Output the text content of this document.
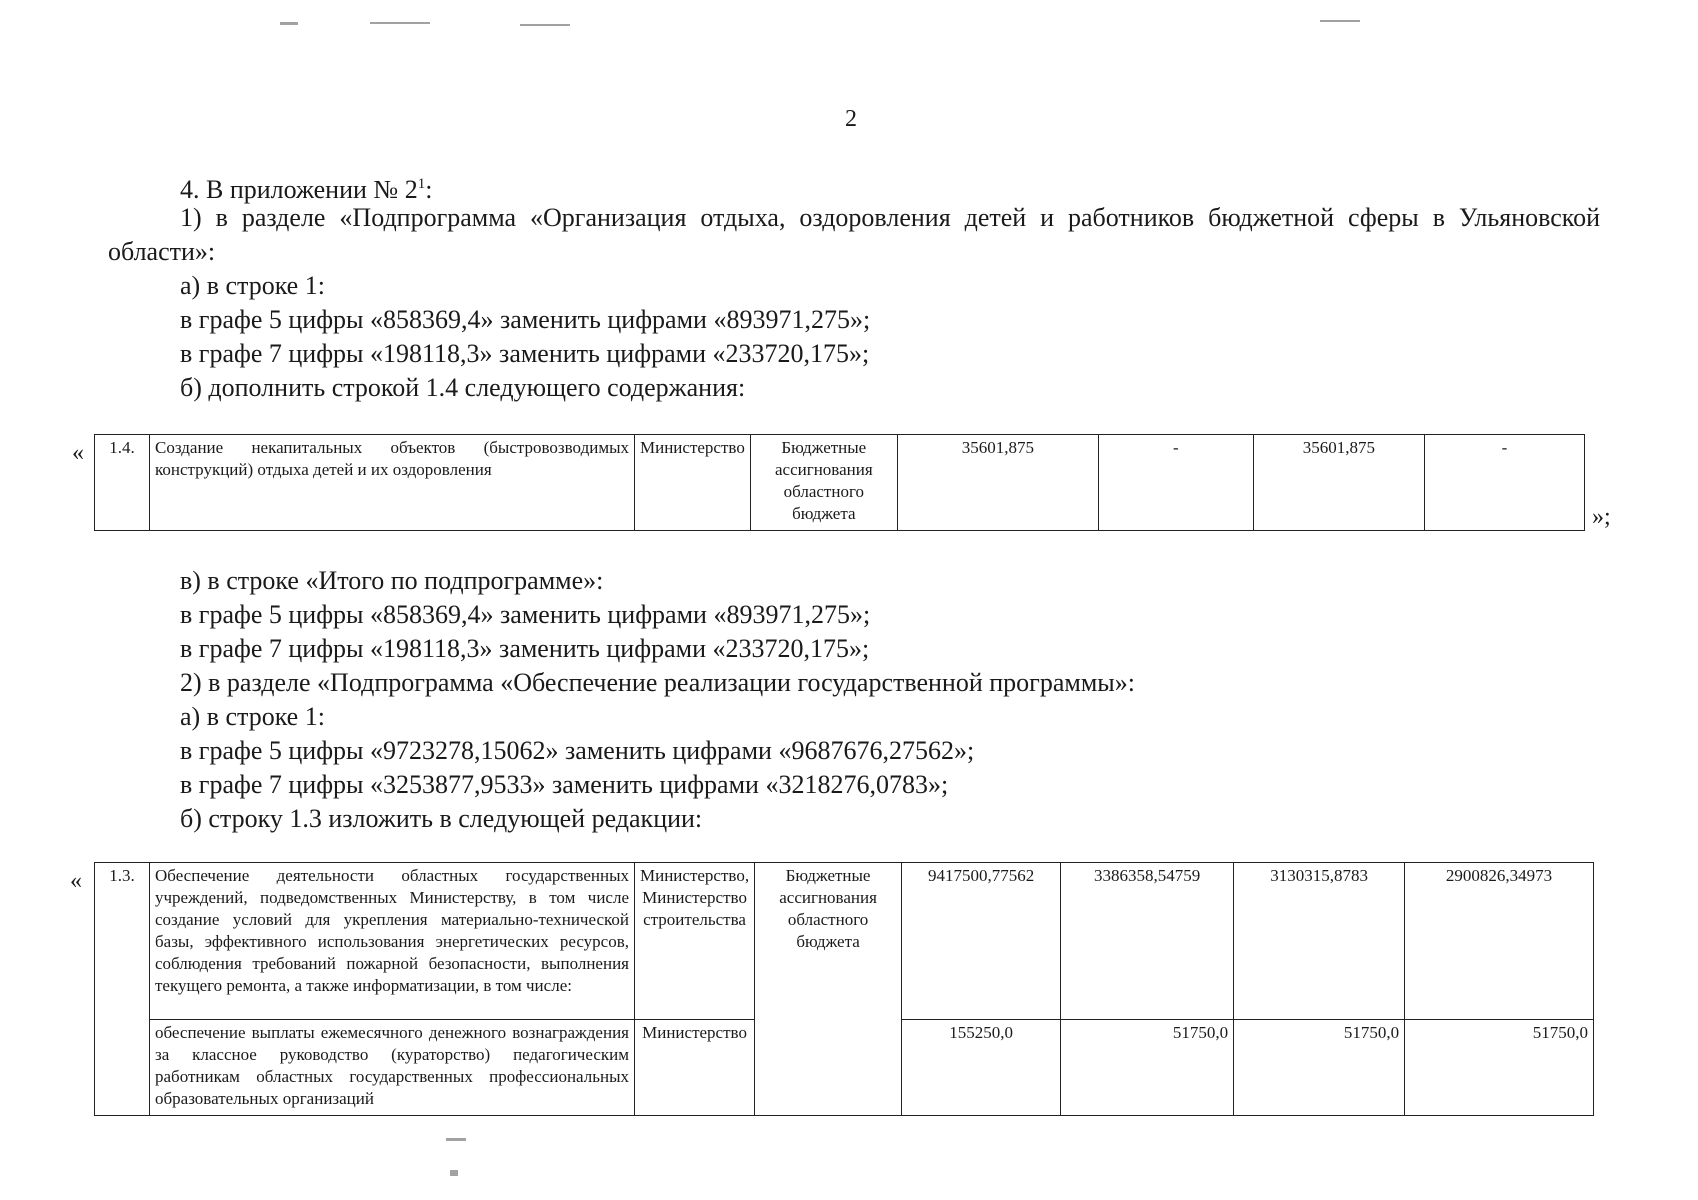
2
4. В приложении № $2^1$:
1) в разделе «Подпрограмма «Организация отдыха, оздоровления детей и работников бюджетной сферы в Ульяновской области»:
а) в строке 1:
в графе 5 цифры «858369,4» заменить цифрами «893971,275»;
в графе 7 цифры «198118,3» заменить цифрами «233720,175»;
б) дополнить строкой 1.4 следующего содержания:
« 1.4.	Создание некапитальных объектов (быстровозводимых конструкций) отдыха детей и их оздоровления	Министерство	Бюджетные ассигнования областного бюджета	35601,875	-	35601,875	-
»;
в) в строке «Итого по подпрограмме»:
в графе 5 цифры «858369,4» заменить цифрами «893971,275»;
в графе 7 цифры «198118,3» заменить цифрами «233720,175»;
2) в разделе «Подпрограмма «Обеспечение реализации государственной программы»:
а) в строке 1:
в графе 5 цифры «9723278,15062» заменить цифрами «9687676,27562»;
в графе 7 цифры «3253877,9533» заменить цифрами «3218276,0783»;
б) строку 1.3 изложить в следующей редакции:
« 1.3.	Обеспечение деятельности областных государственных учреждений, подведомственных Министерству, в том числе создание условий для укрепления материально-технической базы, эффективного использования энергетических ресурсов, соблюдения требований пожарной безопасности, выполнения текущего ремонта, а также информатизации, в том числе:	Министерство, Министерство строительства	Бюджетные ассигнования областного бюджета	9417500,77562	3386358,54759	3130315,8783	2900826,34973
	обеспечение выплаты ежемесячного денежного вознаграждения за классное руководство (кураторство) педагогическим работникам областных государственных профессиональных образовательных организаций	Министерство		155250,0	51750,0	51750,0	51750,0
